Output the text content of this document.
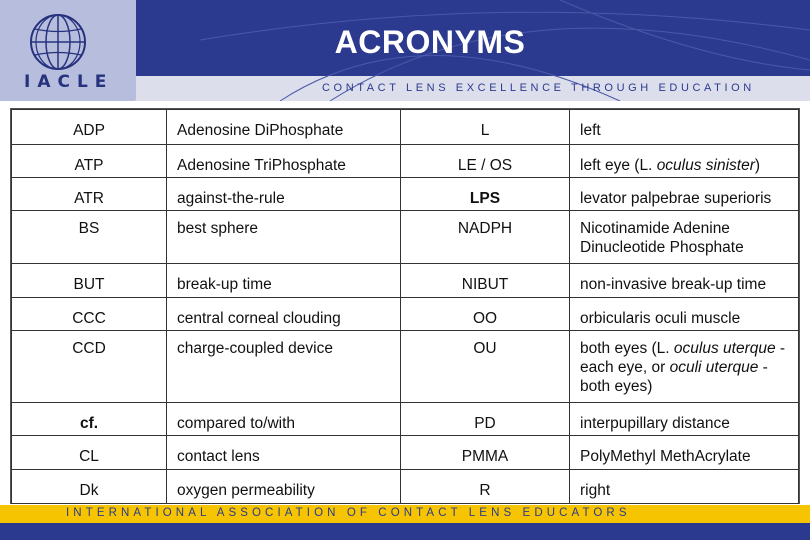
IACLE
ACRONYMS
CONTACT LENS EXCELLENCE THROUGH EDUCATION
ADP	Adenosine DiPhosphate	L	left

ATP	Adenosine TriPhosphate	LE / OS	left eye (L. oculus sinister)

ATR	against-the-rule	LPS	levator palpebrae superioris

BS	best sphere	NADPH	Nicotinamide Adenine Dinucleotide Phosphate

BUT	break-up time	NIBUT	non-invasive break-up time

CCC	central corneal clouding	OO	orbicularis oculi muscle

CCD	charge-coupled device	OU	both eyes (L. oculus uterque - each eye, or oculi uterque - both eyes)

cf.	compared to/with	PD	interpupillary distance

CL	contact lens	PMMA	PolyMethyl MethAcrylate

Dk	oxygen permeability	R	right
INTERNATIONAL ASSOCIATION OF CONTACT LENS EDUCATORS
